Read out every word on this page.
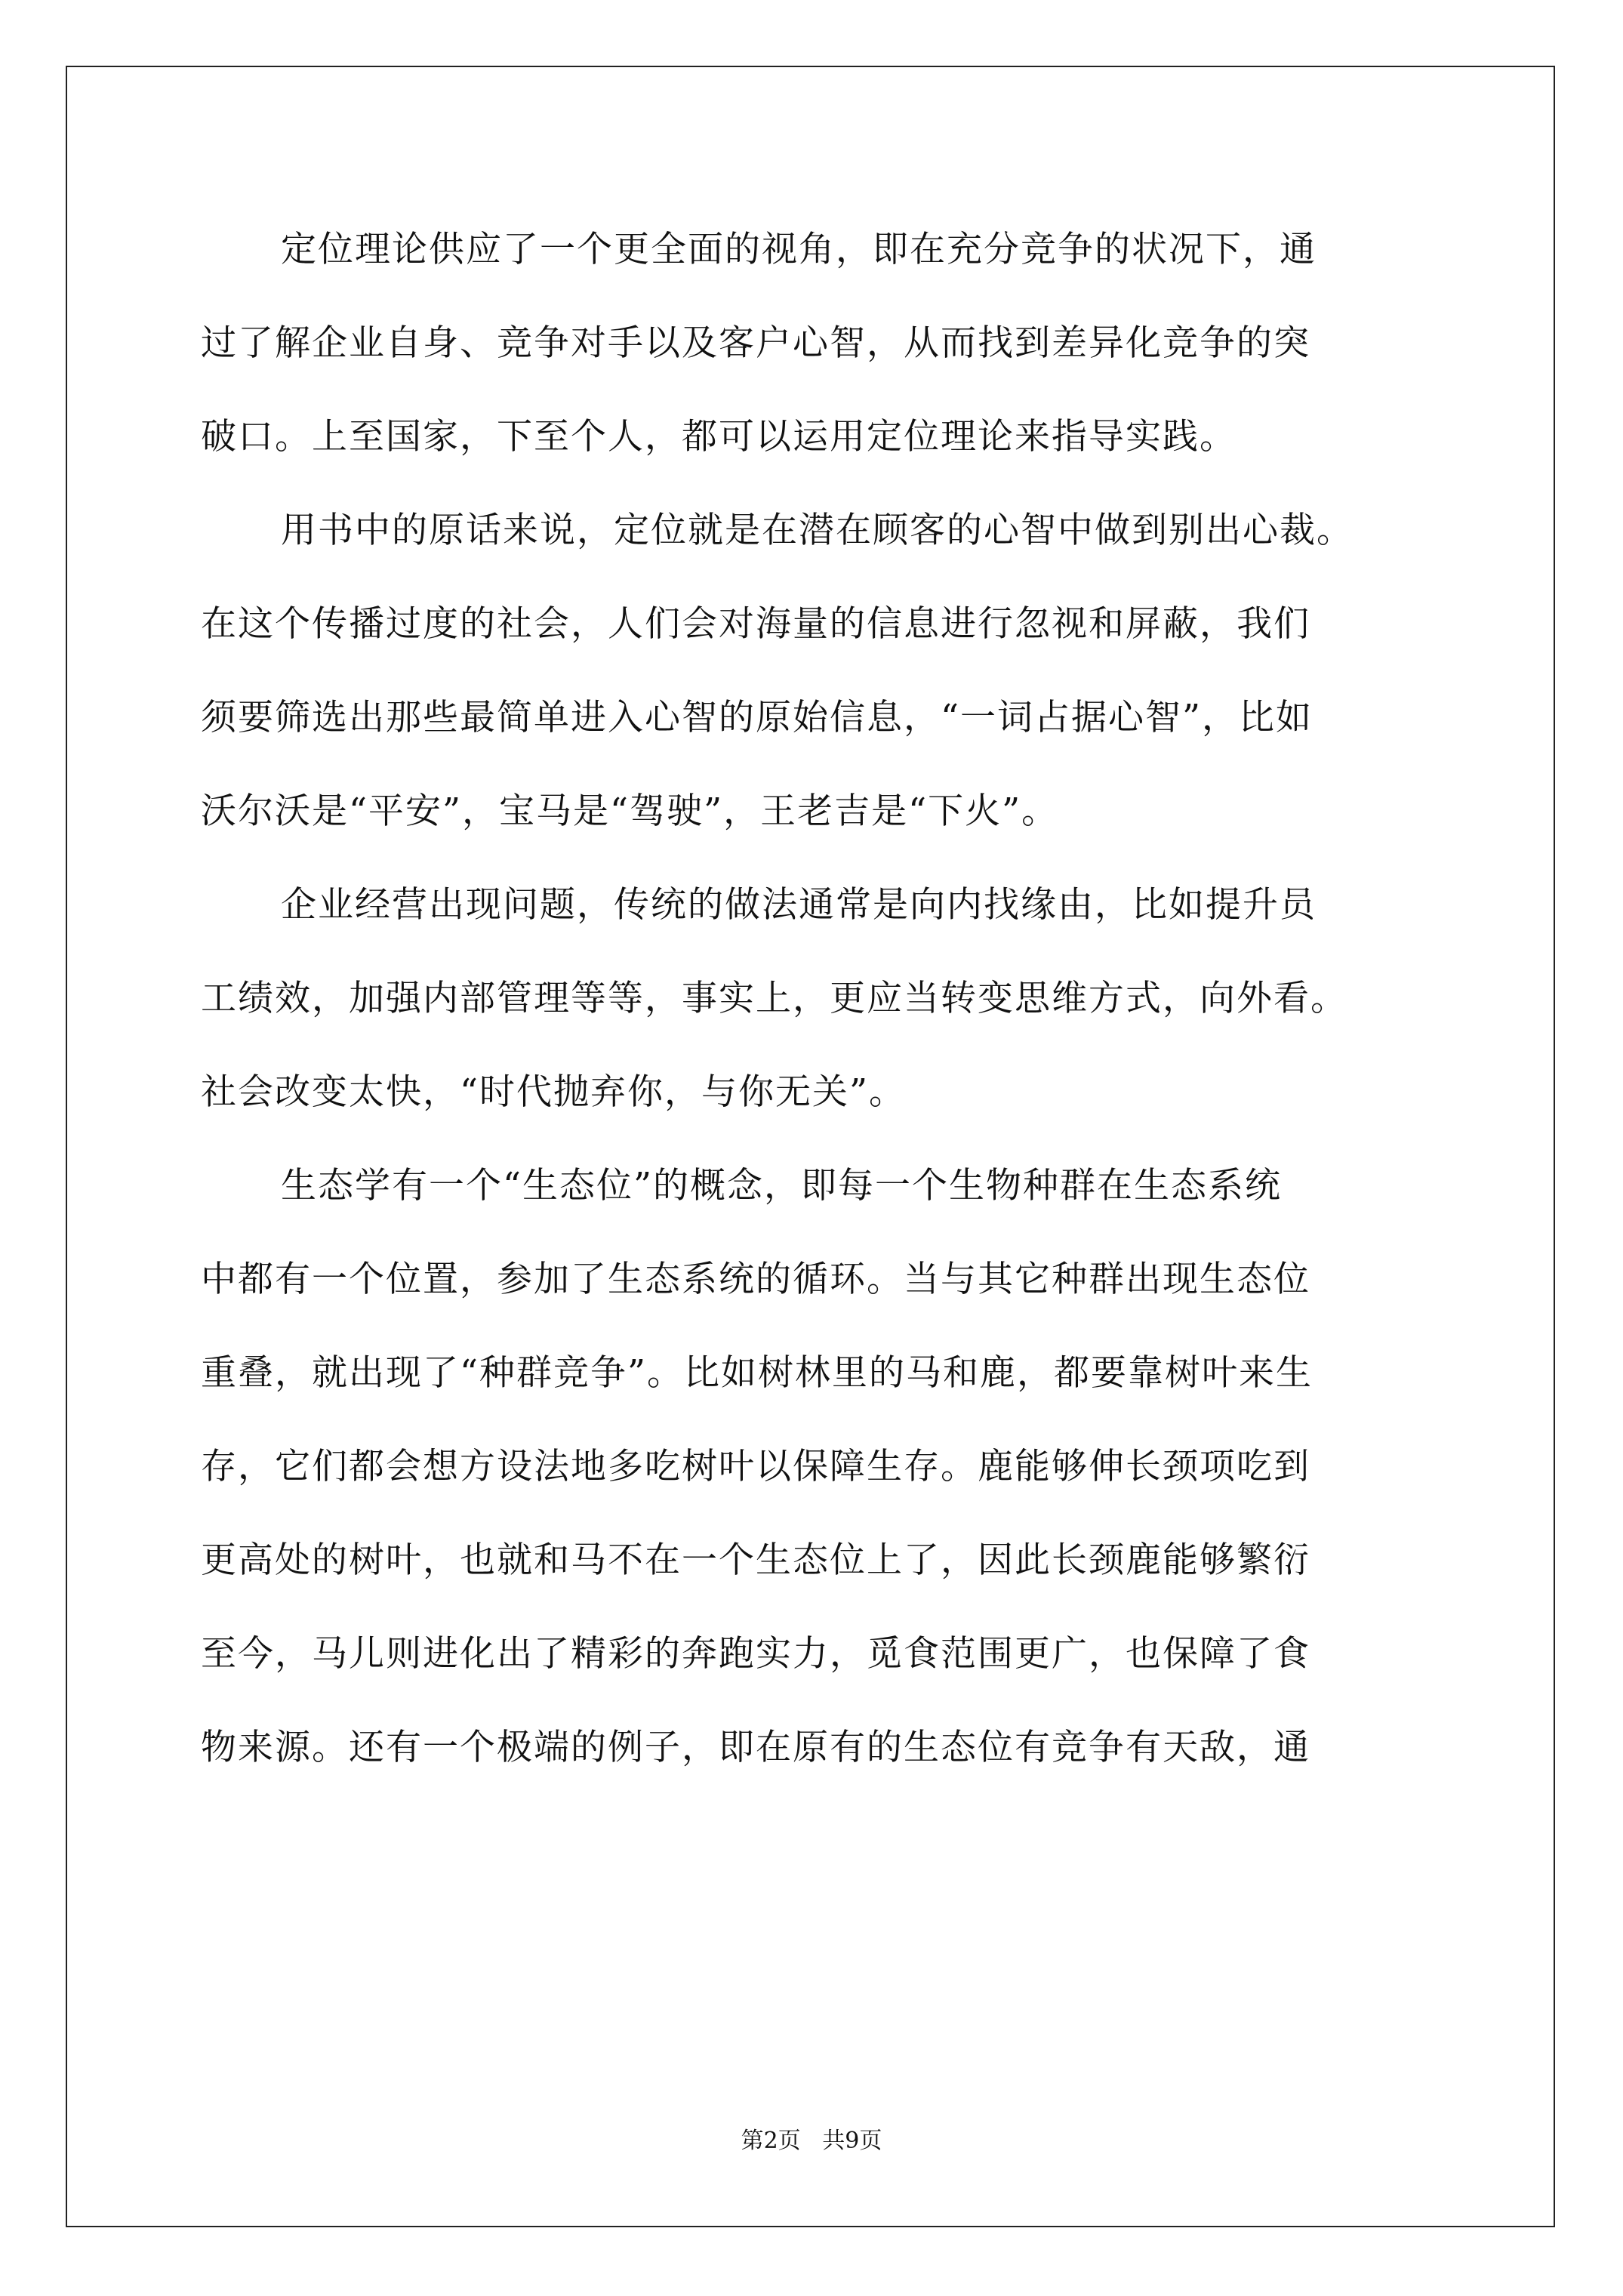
定位理论供应了一个更全面的视角，即在充分竞争的状况下，通
过了解企业自身、竞争对手以及客户心智，从而找到差异化竞争的突
破口。上至国家，下至个人，都可以运用定位理论来指导实践。
用书中的原话来说，定位就是在潜在顾客的心智中做到别出心裁。
在这个传播过度的社会，人们会对海量的信息进行忽视和屏蔽，我们
须要筛选出那些最简单进入心智的原始信息，“一词占据心智”，比如
沃尔沃是“平安”，宝马是“驾驶”，王老吉是“下火”。
企业经营出现问题，传统的做法通常是向内找缘由，比如提升员
工绩效，加强内部管理等等，事实上，更应当转变思维方式，向外看。
社会改变太快，“时代抛弃你，与你无关”。
生态学有一个“生态位”的概念，即每一个生物种群在生态系统
中都有一个位置，参加了生态系统的循环。当与其它种群出现生态位
重叠，就出现了“种群竞争”。比如树林里的马和鹿，都要靠树叶来生
存，它们都会想方设法地多吃树叶以保障生存。鹿能够伸长颈项吃到
更高处的树叶，也就和马不在一个生态位上了，因此长颈鹿能够繁衍
至今，马儿则进化出了精彩的奔跑实力，觅食范围更广，也保障了食
物来源。还有一个极端的例子，即在原有的生态位有竞争有天敌，通
第2页   共9页
